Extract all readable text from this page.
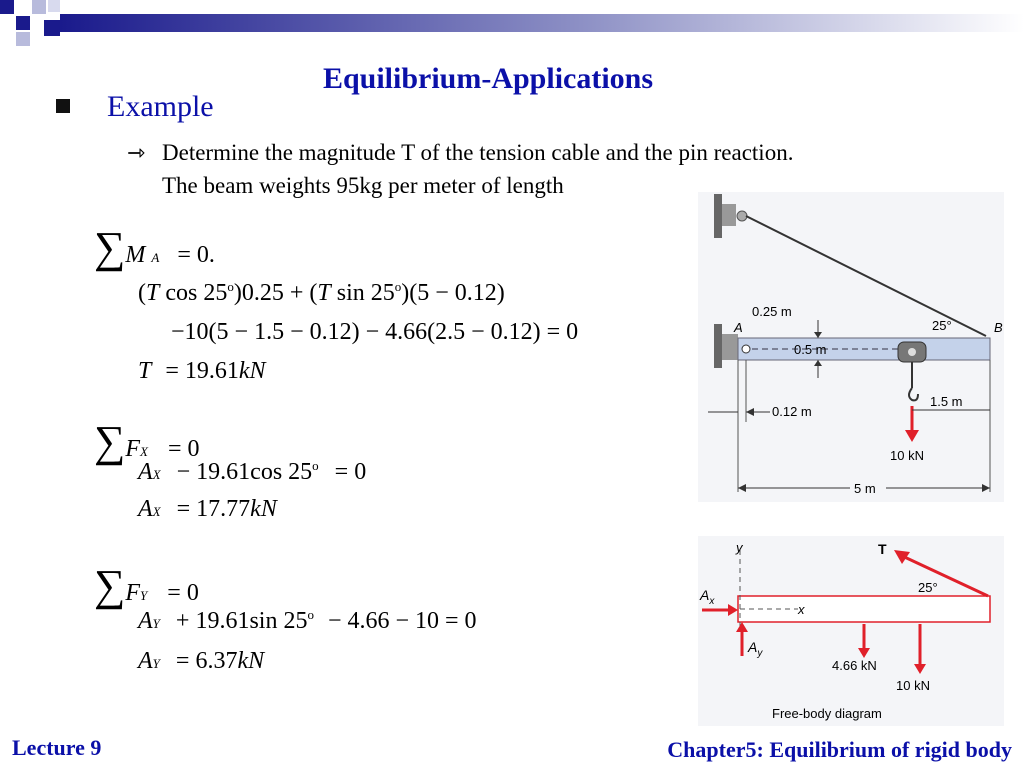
Equilibrium-Applications
Example
⇾ Determine the magnitude T of the tension cable and the pin reaction.
The beam weights 95kg per meter of length
∑M A = 0.
(T $\cos 25^o)0.25 + (T$ $\sin 25^o)(5 - 0.12)$
−10(5 − 1.5 − 0.12) − 4.66(2.5 − 0.12) = 0
T = 19.61kN
∑FX = 0
AX − 19.61cos $25^o = 0$
AX = 17.77kN
∑FY = 0
AY + 19.61sin $25^o - 4.66 - 10 = 0$
AY = 6.37kN
10 kN
0.25 m
0.5 m
A	B
25°
0.12 m
1.5 m
5 m
y
x
T
25°
$A_x$
$A_y$
4.66 kN
10 kN
Free-body diagram
Lecture 9	Chapter5: Equilibrium of rigid body
